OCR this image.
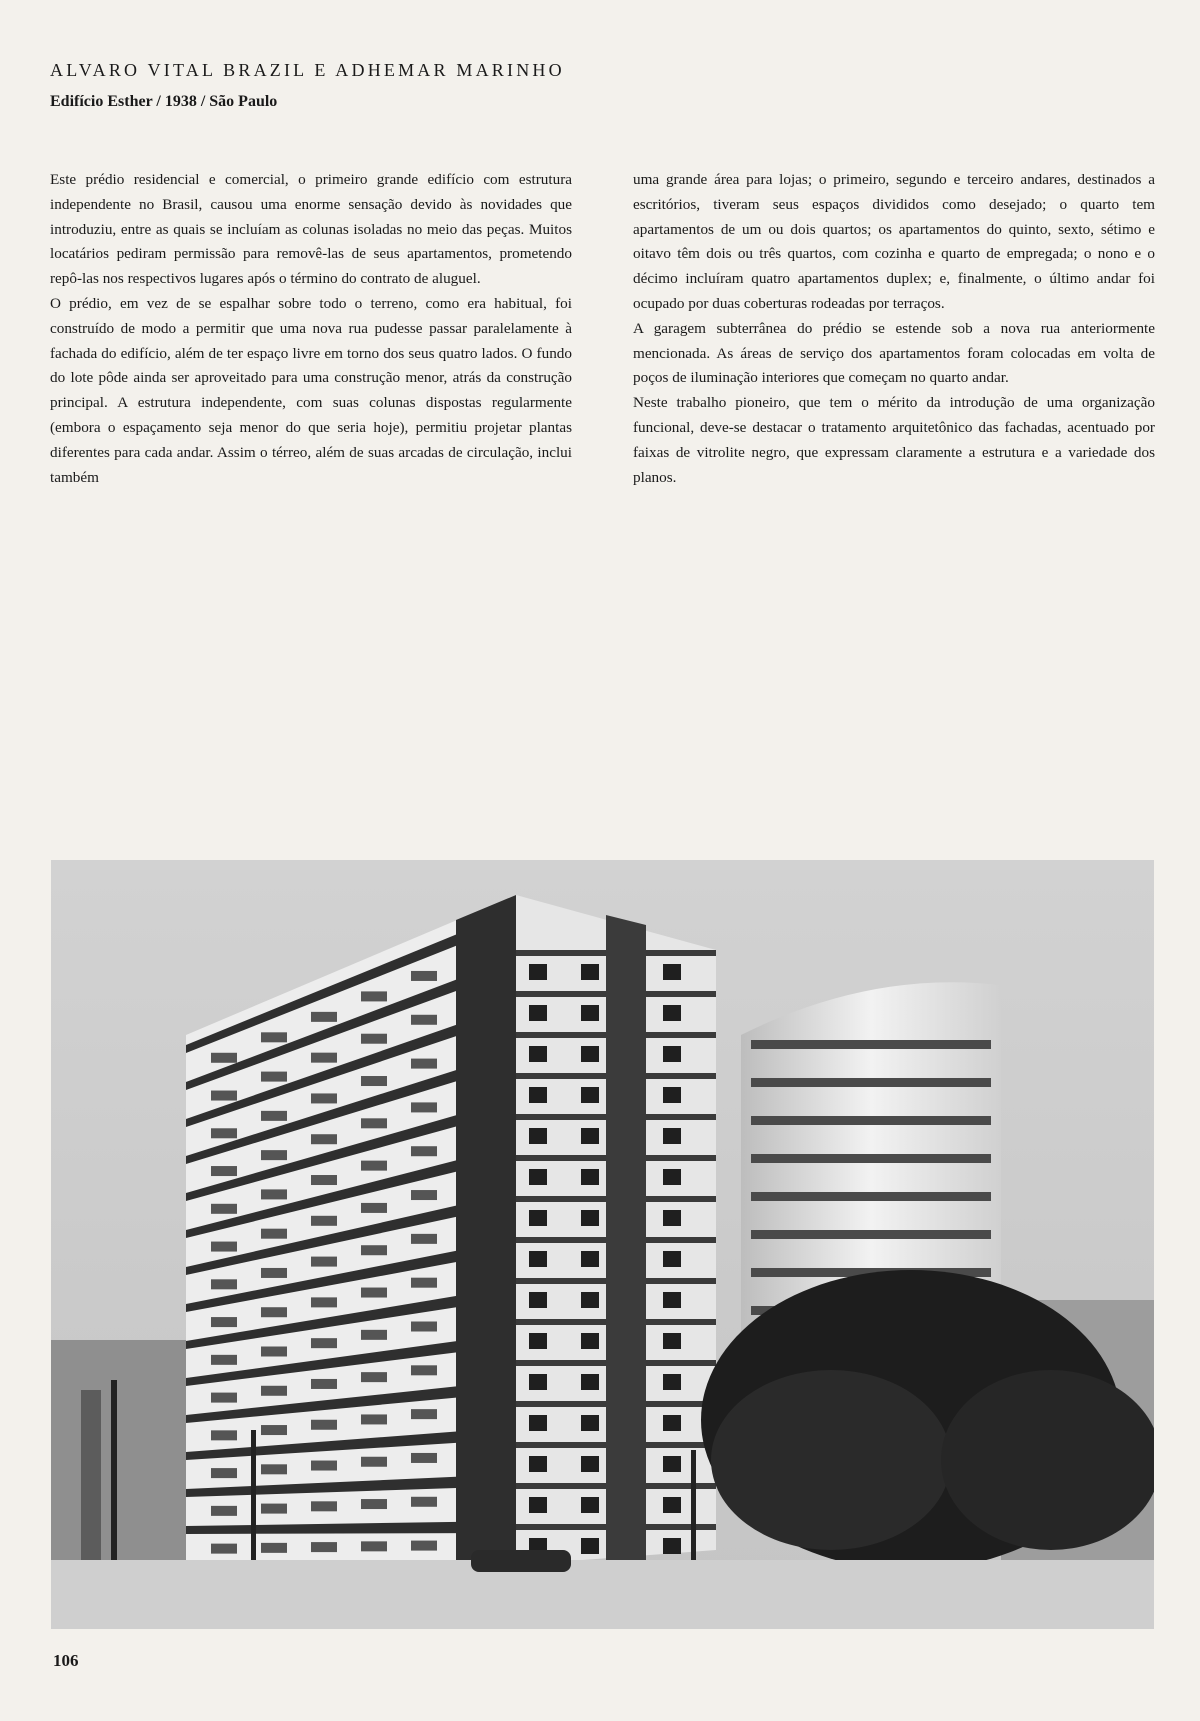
ALVARO VITAL BRAZIL E ADHEMAR MARINHO

Edifício Esther / 1938 / São Paulo

Este prédio residencial e comercial, o primeiro grande edifício com estrutura independente no Brasil, causou uma enorme sensação devido às novidades que introduziu, entre as quais se incluíam as colunas isoladas no meio das peças. Muitos locatários pediram permissão para removê-las de seus apartamentos, prometendo repô-las nos respectivos lugares após o término do contrato de aluguel.

O prédio, em vez de se espalhar sobre todo o terreno, como era habitual, foi construído de modo a permitir que uma nova rua pudesse passar paralelamente à fachada do edifício, além de ter espaço livre em torno dos seus quatro lados. O fundo do lote pôde ainda ser aproveitado para uma construção menor, atrás da construção principal. A estrutura independente, com suas colunas dispostas regularmente (embora o espaçamento seja menor do que seria hoje), permitiu projetar plantas diferentes para cada andar. Assim o térreo, além de suas arcadas de circulação, inclui também

uma grande área para lojas; o primeiro, segundo e terceiro andares, destinados a escritórios, tiveram seus espaços divididos como desejado; o quarto tem apartamentos de um ou dois quartos; os apartamentos do quinto, sexto, sétimo e oitavo têm dois ou três quartos, com cozinha e quarto de empregada; o nono e o décimo incluíram quatro apartamentos duplex; e, finalmente, o último andar foi ocupado por duas coberturas rodeadas por terraços.

A garagem subterrânea do prédio se estende sob a nova rua anteriormente mencionada. As áreas de serviço dos apartamentos foram colocadas em volta de poços de iluminação interiores que começam no quarto andar.

Neste trabalho pioneiro, que tem o mérito da introdução de uma organização funcional, deve-se destacar o tratamento arquitetônico das fachadas, acentuado por faixas de vitrolite negro, que expressam claramente a estrutura e a variedade dos planos.

106
